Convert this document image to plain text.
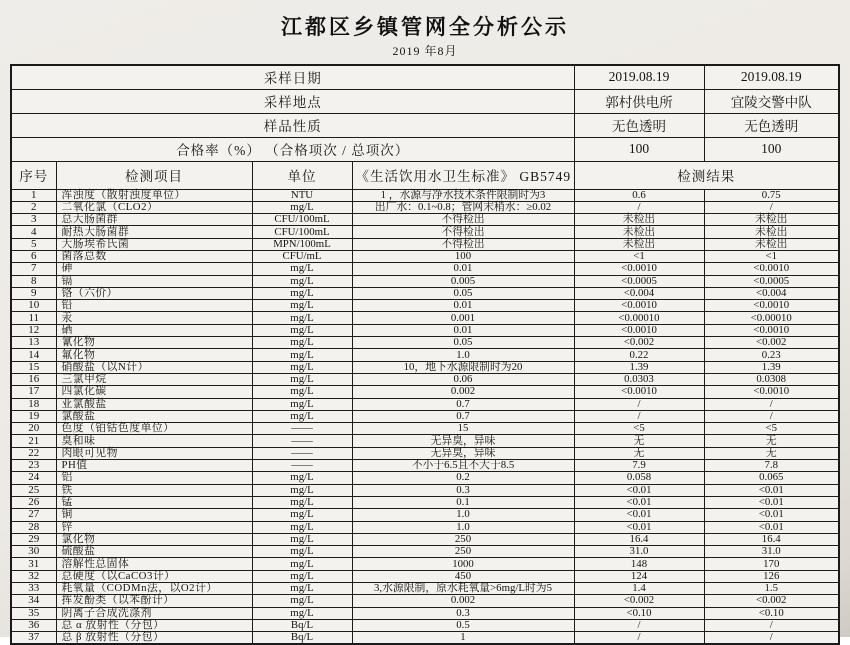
江都区乡镇管网全分析公示
2019 年8月
采样日期				2019.08.19	2019.08.19
采样地点				郭村供电所	宜陵交警中队
样品性质				无色透明	无色透明
合格率（%） （合格项次 / 总项次）				100	100
序号	检测项目	单位	《生活饮用水卫生标准》 GB5749	检测结果	
1	浑浊度（散射浊度单位）	NTU	1 ，水源与净水技术条件限制时为3	0.6	0.75
2	二氧化氯（CLO2）	mg/L	出厂水：0.1~0.8；管网末稍水：≥0.02	/	/
3	总大肠菌群	CFU/100mL	不得检出	未检出	未检出
4	耐热大肠菌群	CFU/100mL	不得检出	未检出	未检出
5	大肠埃希氏菌	MPN/100mL	不得检出	未检出	未检出
6	菌落总数	CFU/mL	100	<1	<1
7	砷	mg/L	0.01	<0.0010	<0.0010
8	镉	mg/L	0.005	<0.0005	<0.0005
9	铬（六价）	mg/L	0.05	<0.004	<0.004
10	铅	mg/L	0.01	<0.0010	<0.0010
11	汞	mg/L	0.001	<0.00010	<0.00010
12	硒	mg/L	0.01	<0.0010	<0.0010
13	氰化物	mg/L	0.05	<0.002	<0.002
14	氟化物	mg/L	1.0	0.22	0.23
15	硝酸盐（以N计）	mg/L	10，地下水源限制时为20	1.39	1.39
16	三氯甲烷	mg/L	0.06	0.0303	0.0308
17	四氯化碳	mg/L	0.002	<0.0010	<0.0010
18	亚氯酸盐	mg/L	0.7	/	/
19	氯酸盐	mg/L	0.7	/	/
20	色度（铂钴色度单位）	——	15	<5	<5
21	臭和味	——	无异臭，异味	无	无
22	肉眼可见物	——	无异臭，异味	无	无
23	PH值	——	不小于6.5且不大于8.5	7.9	7.8
24	铝	mg/L	0.2	0.058	0.065
25	铁	mg/L	0.3	<0.01	<0.01
26	锰	mg/L	0.1	<0.01	<0.01
27	铜	mg/L	1.0	<0.01	<0.01
28	锌	mg/L	1.0	<0.01	<0.01
29	氯化物	mg/L	250	16.4	16.4
30	硫酸盐	mg/L	250	31.0	31.0
31	溶解性总固体	mg/L	1000	148	170
32	总硬度（以CaCO3计）	mg/L	450	124	126
33	耗氧量（CODMn法，以O2计）	mg/L	3,水源限制，原水耗氧量>6mg/L时为5	1.4	1.5
34	挥发酚类（以苯酚计）	mg/L	0.002	<0.002	<0.002
35	阴离子合成洗涤剂	mg/L	0.3	<0.10	<0.10
36	总 α 放射性（分包）	Bq/L	0.5	/	/
37	总 β 放射性（分包）	Bq/L	1	/	/
